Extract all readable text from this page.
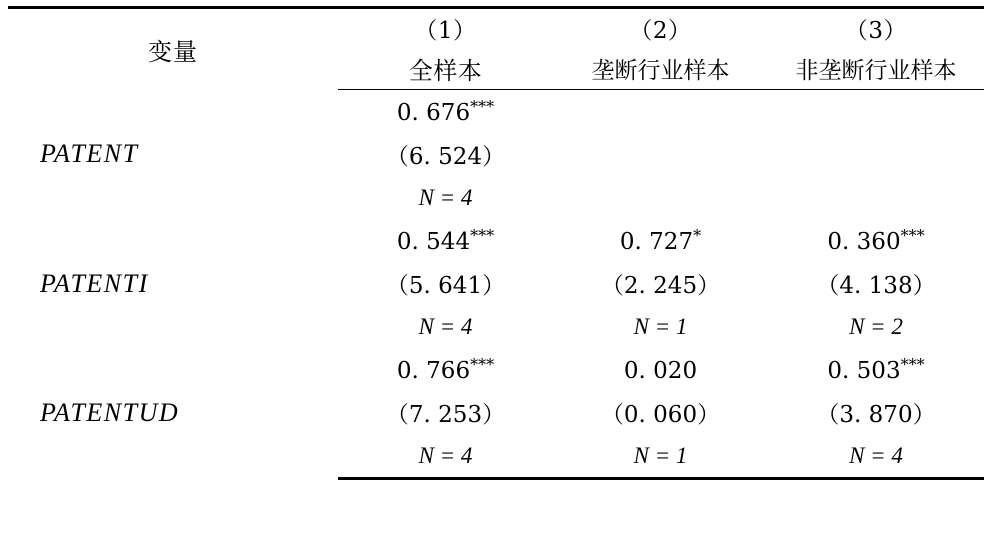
变量	（1）	（2）	（3）
	全样本	垄断行业样本	非垄断行业样本
PATENT	0. 676***		
	（6. 524）		
	N = 4		
PATENTI	0. 544***	0. 727*	0. 360***
	（5. 641）	（2. 245）	（4. 138）
	N = 4	N = 1	N = 2
PATENTUD	0. 766***	0. 020	0. 503***
	（7. 253）	（0. 060）	（3. 870）
	N = 4	N = 1	N = 4
